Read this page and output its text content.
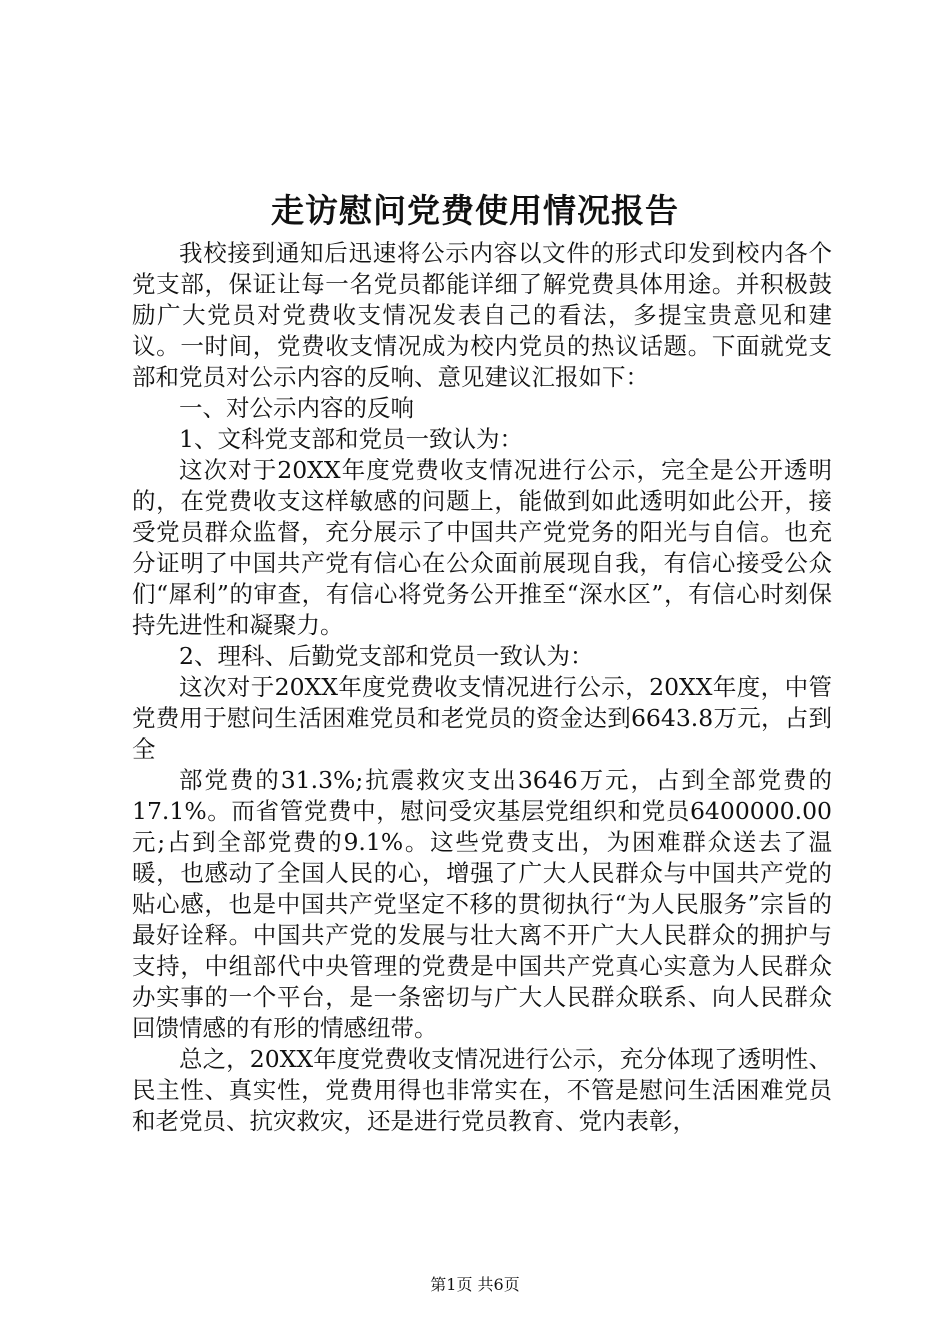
走访慰问党费使用情况报告

我校接到通知后迅速将公示内容以文件的形式印发到校内各个党支部，保证让每一名党员都能详细了解党费具体用途。并积极鼓励广大党员对党费收支情况发表自己的看法，多提宝贵意见和建议。一时间，党费收支情况成为校内党员的热议话题。下面就党支部和党员对公示内容的反响、意见建议汇报如下：

一、对公示内容的反响

1、文科党支部和党员一致认为：

这次对于20XX年度党费收支情况进行公示，完全是公开透明的，在党费收支这样敏感的问题上，能做到如此透明如此公开，接受党员群众监督，充分展示了中国共产党党务的阳光与自信。也充分证明了中国共产党有信心在公众面前展现自我，有信心接受公众们“犀利”的审查，有信心将党务公开推至“深水区”，有信心时刻保持先进性和凝聚力。

2、理科、后勤党支部和党员一致认为：

这次对于20XX年度党费收支情况进行公示，20XX年度，中管党费用于慰问生活困难党员和老党员的资金达到6643.8万元，占到全

部党费的31.3%;抗震救灾支出3646万元，占到全部党费的17.1%。而省管党费中，慰问受灾基层党组织和党员6400000.00元;占到全部党费的9.1%。这些党费支出，为困难群众送去了温暖，也感动了全国人民的心，增强了广大人民群众与中国共产党的贴心感，也是中国共产党坚定不移的贯彻执行“为人民服务”宗旨的最好诠释。中国共产党的发展与壮大离不开广大人民群众的拥护与支持，中组部代中央管理的党费是中国共产党真心实意为人民群众办实事的一个平台，是一条密切与广大人民群众联系、向人民群众回馈情感的有形的情感纽带。

总之，20XX年度党费收支情况进行公示，充分体现了透明性、民主性、真实性，党费用得也非常实在，不管是慰问生活困难党员和老党员、抗灾救灾，还是进行党员教育、党内表彰，

第1页 共6页
